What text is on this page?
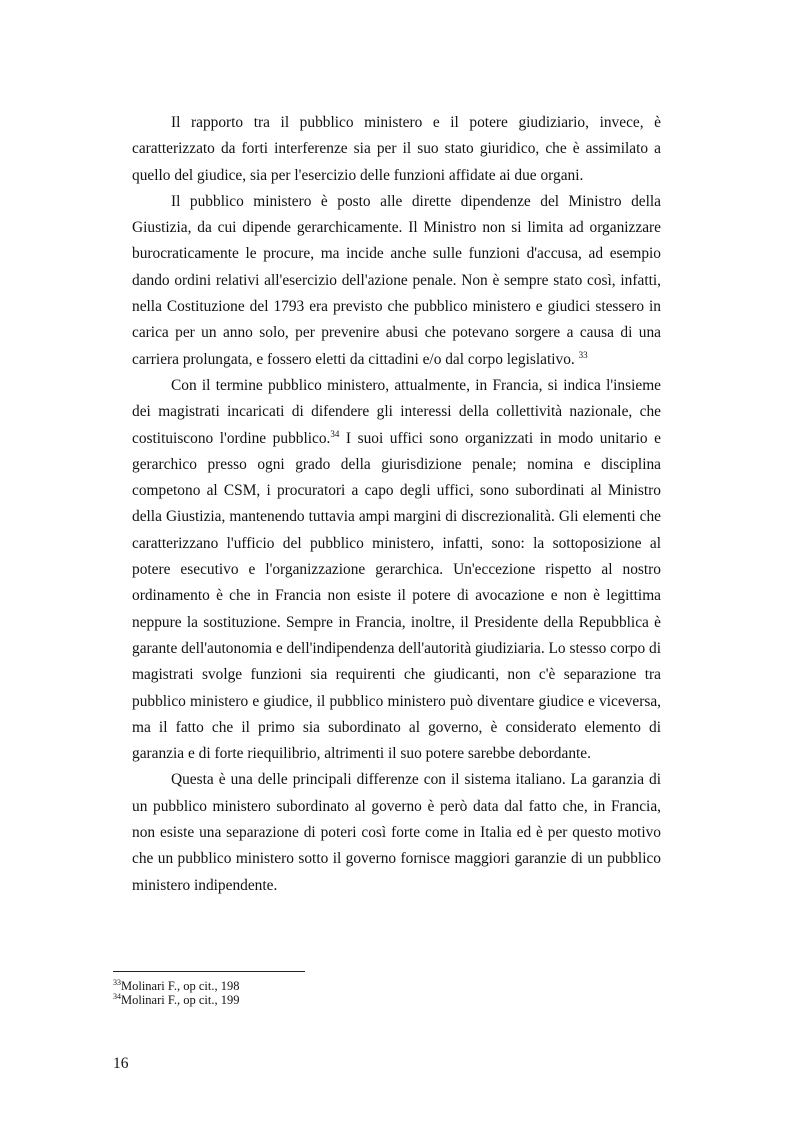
Il rapporto tra il pubblico ministero e il potere giudiziario, invece, è caratterizzato da forti interferenze sia per il suo stato giuridico, che è assimilato a quello del giudice, sia per l'esercizio delle funzioni affidate ai due organi.

Il pubblico ministero è posto alle dirette dipendenze del Ministro della Giustizia, da cui dipende gerarchicamente. Il Ministro non si limita ad organizzare burocraticamente le procure, ma incide anche sulle funzioni d'accusa, ad esempio dando ordini relativi all'esercizio dell'azione penale. Non è sempre stato così, infatti, nella Costituzione del 1793 era previsto che pubblico ministero e giudici stessero in carica per un anno solo, per prevenire abusi che potevano sorgere a causa di una carriera prolungata, e fossero eletti da cittadini e/o dal corpo legislativo. $^{33}$

Con il termine pubblico ministero, attualmente, in Francia, si indica l'insieme dei magistrati incaricati di difendere gli interessi della collettività nazionale, che costituiscono l'ordine pubblico.$^{34}$ I suoi uffici sono organizzati in modo unitario e gerarchico presso ogni grado della giurisdizione penale; nomina e disciplina competono al CSM, i procuratori a capo degli uffici, sono subordinati al Ministro della Giustizia, mantenendo tuttavia ampi margini di discrezionalità. Gli elementi che caratterizzano l'ufficio del pubblico ministero, infatti, sono: la sottoposizione al potere esecutivo e l'organizzazione gerarchica. Un'eccezione rispetto al nostro ordinamento è che in Francia non esiste il potere di avocazione e non è legittima neppure la sostituzione. Sempre in Francia, inoltre, il Presidente della Repubblica è garante dell'autonomia e dell'indipendenza dell'autorità giudiziaria. Lo stesso corpo di magistrati svolge funzioni sia requirenti che giudicanti, non c'è separazione tra pubblico ministero e giudice, il pubblico ministero può diventare giudice e viceversa, ma il fatto che il primo sia subordinato al governo, è considerato elemento di garanzia e di forte riequilibrio, altrimenti il suo potere sarebbe debordante.

Questa è una delle principali differenze con il sistema italiano. La garanzia di un pubblico ministero subordinato al governo è però data dal fatto che, in Francia, non esiste una separazione di poteri così forte come in Italia ed è per questo motivo che un pubblico ministero sotto il governo fornisce maggiori garanzie di un pubblico ministero indipendente.

$^{33}$Molinari F., op cit., 198
$^{34}$Molinari F., op cit., 199
16
